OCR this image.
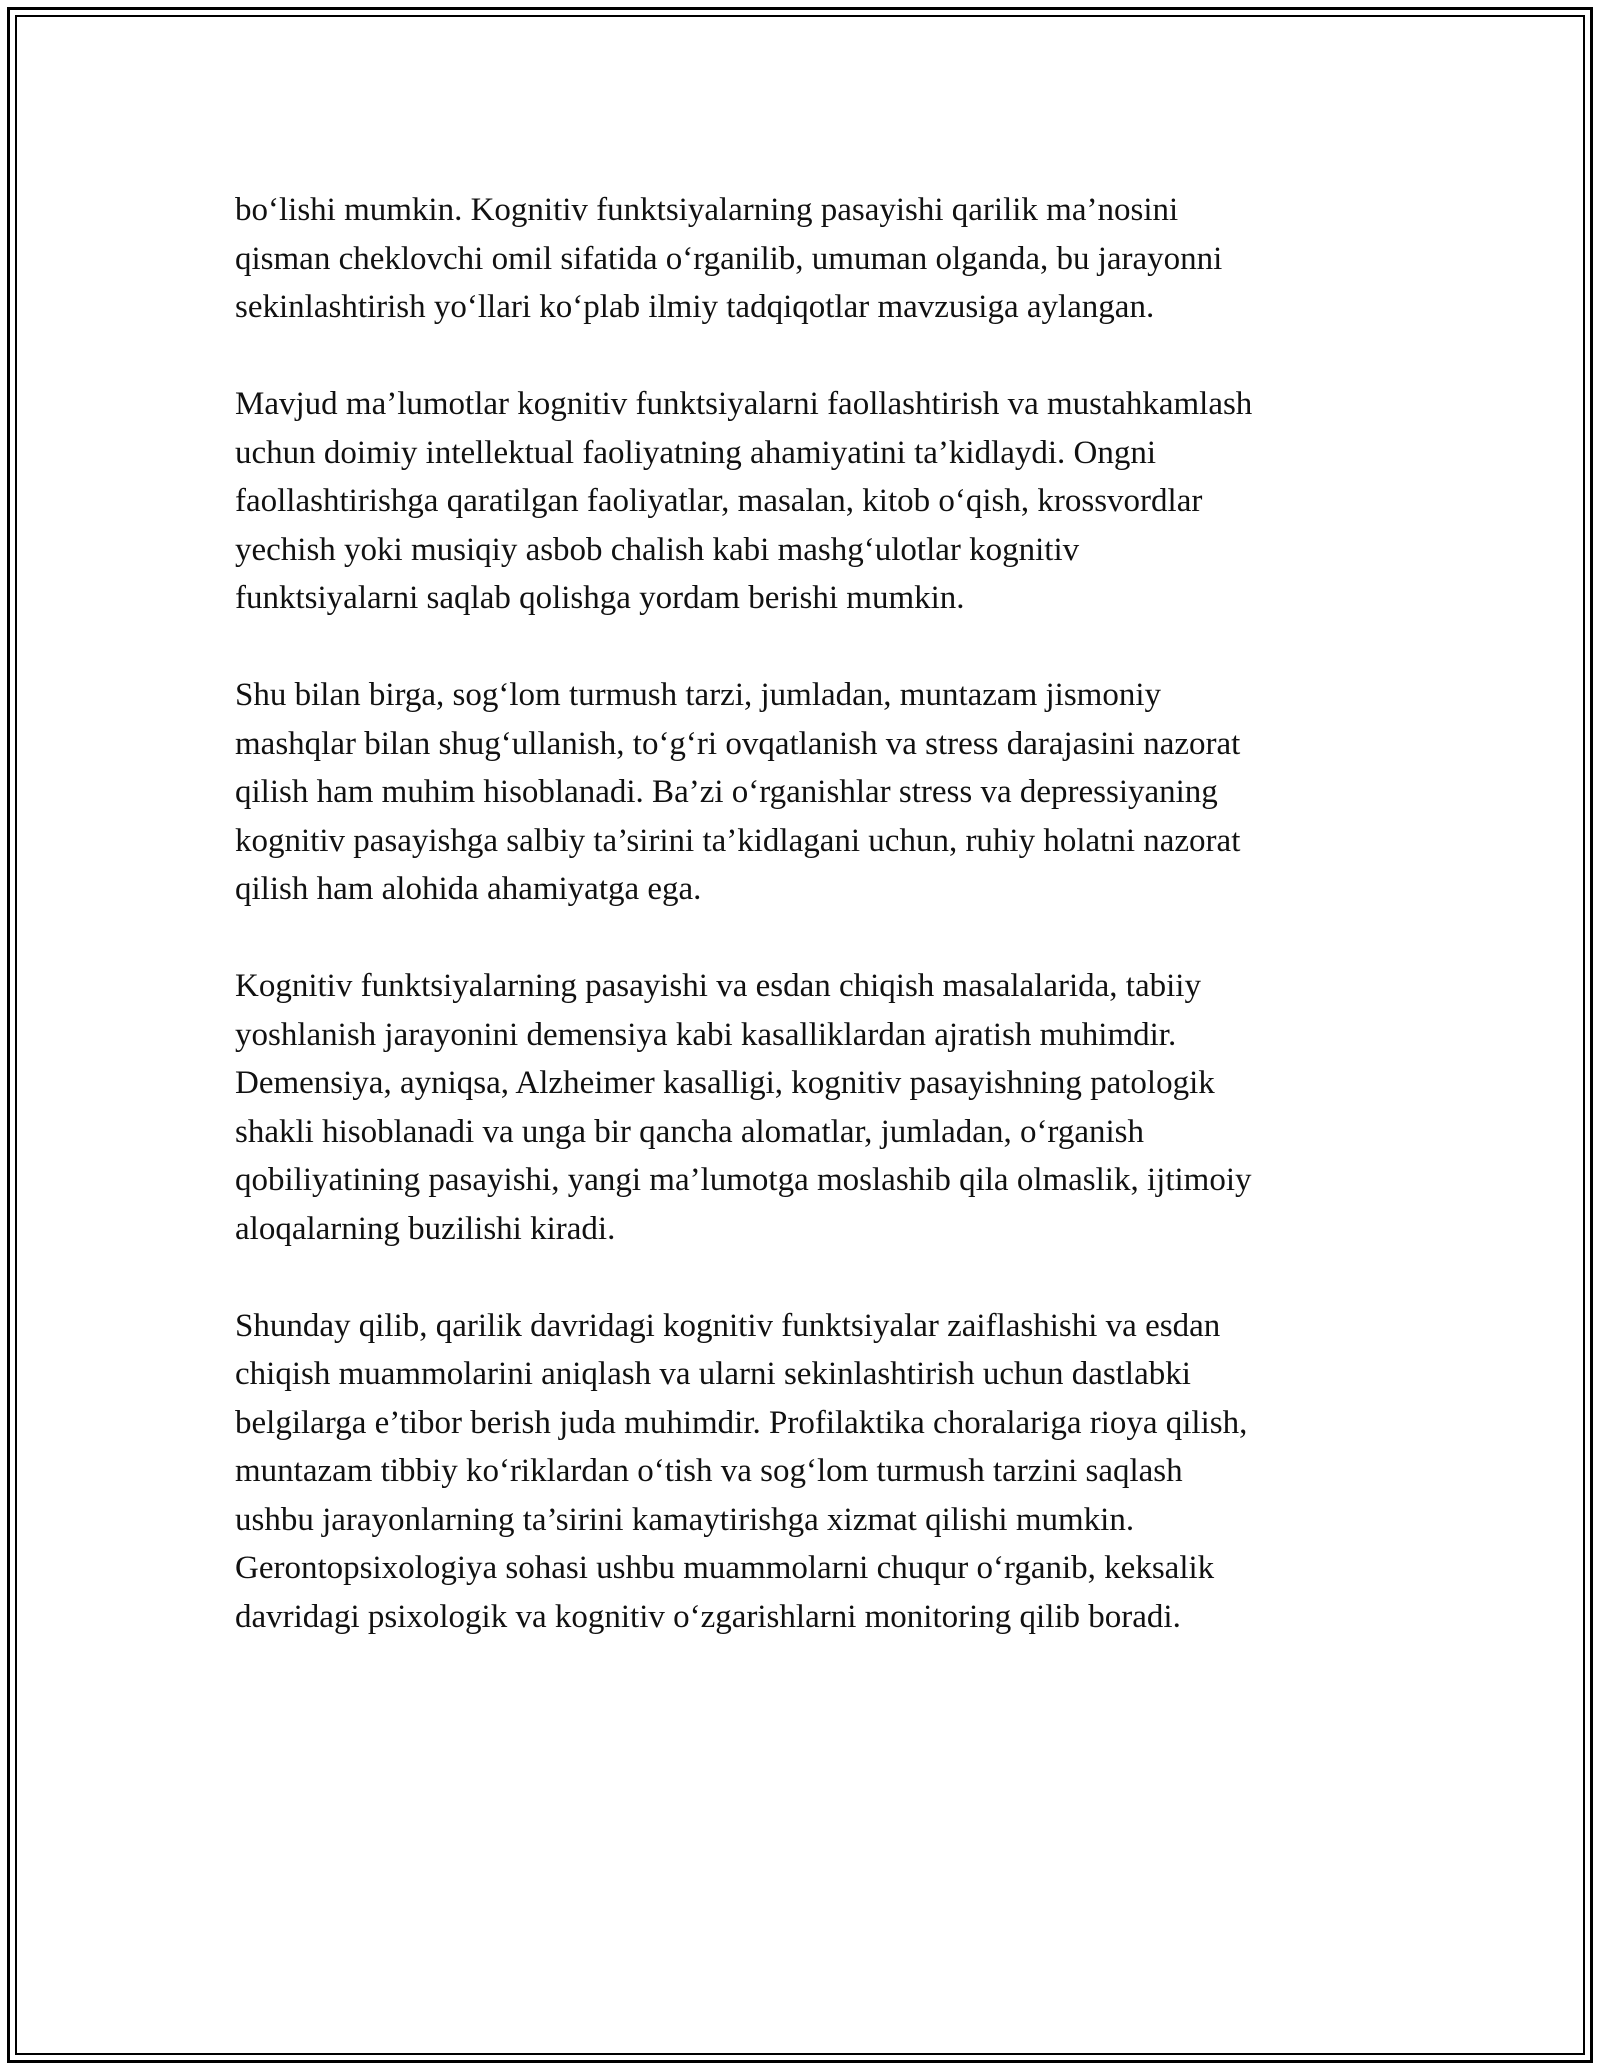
bo‘lishi mumkin. Kognitiv funktsiyalarning pasayishi qarilik ma’nosini
qisman cheklovchi omil sifatida o‘rganilib, umuman olganda, bu jarayonni
sekinlashtirish yo‘llari ko‘plab ilmiy tadqiqotlar mavzusiga aylangan.

Mavjud ma’lumotlar kognitiv funktsiyalarni faollashtirish va mustahkamlash
uchun doimiy intellektual faoliyatning ahamiyatini ta’kidlaydi. Ongni
faollashtirishga qaratilgan faoliyatlar, masalan, kitob o‘qish, krossvordlar
yechish yoki musiqiy asbob chalish kabi mashg‘ulotlar kognitiv
funktsiyalarni saqlab qolishga yordam berishi mumkin.

Shu bilan birga, sog‘lom turmush tarzi, jumladan, muntazam jismoniy
mashqlar bilan shug‘ullanish, to‘g‘ri ovqatlanish va stress darajasini nazorat
qilish ham muhim hisoblanadi. Ba’zi o‘rganishlar stress va depressiyaning
kognitiv pasayishga salbiy ta’sirini ta’kidlagani uchun, ruhiy holatni nazorat
qilish ham alohida ahamiyatga ega.

Kognitiv funktsiyalarning pasayishi va esdan chiqish masalalarida, tabiiy
yoshlanish jarayonini demensiya kabi kasalliklardan ajratish muhimdir.
Demensiya, ayniqsa, Alzheimer kasalligi, kognitiv pasayishning patologik
shakli hisoblanadi va unga bir qancha alomatlar, jumladan, o‘rganish
qobiliyatining pasayishi, yangi ma’lumotga moslashib qila olmaslik, ijtimoiy
aloqalarning buzilishi kiradi.

Shunday qilib, qarilik davridagi kognitiv funktsiyalar zaiflashishi va esdan
chiqish muammolarini aniqlash va ularni sekinlashtirish uchun dastlabki
belgilarga e’tibor berish juda muhimdir. Profilaktika choralariga rioya qilish,
muntazam tibbiy ko‘riklardan o‘tish va sog‘lom turmush tarzini saqlash
ushbu jarayonlarning ta’sirini kamaytirishga xizmat qilishi mumkin.
Gerontopsixologiya sohasi ushbu muammolarni chuqur o‘rganib, keksalik
davridagi psixologik va kognitiv o‘zgarishlarni monitoring qilib boradi.
